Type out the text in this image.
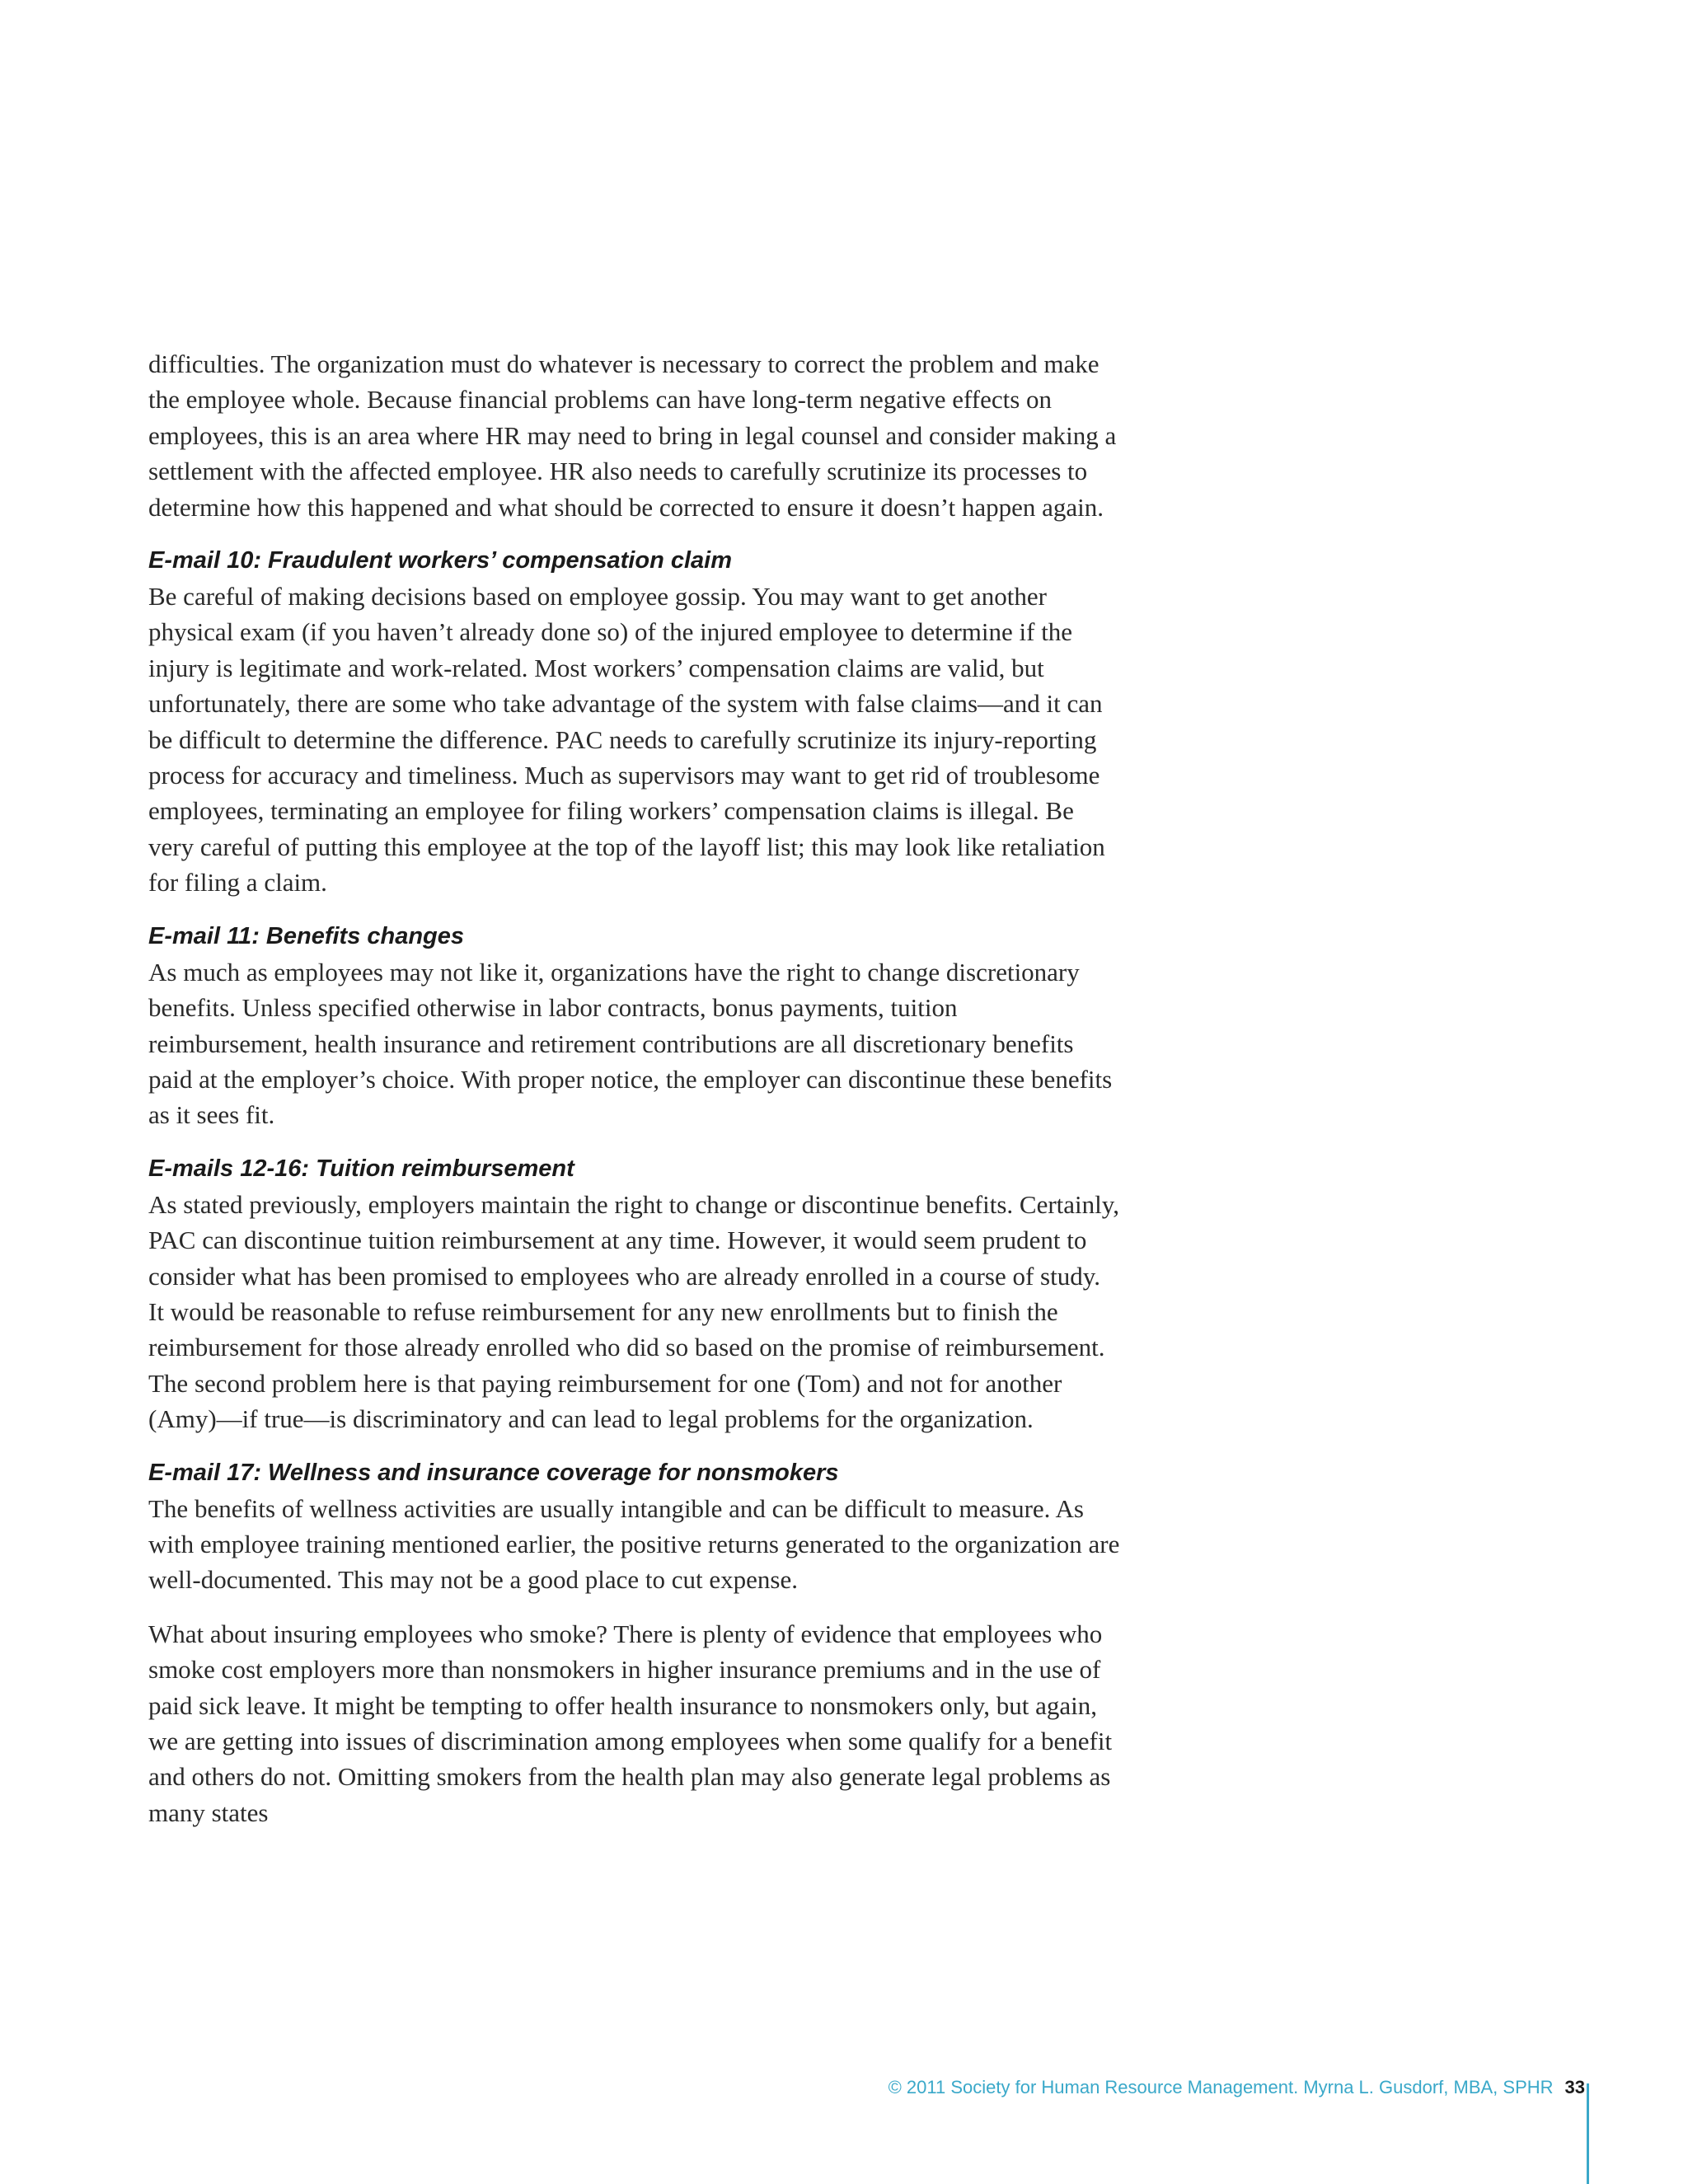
difficulties. The organization must do whatever is necessary to correct the problem and make the employee whole. Because financial problems can have long-term negative effects on employees, this is an area where HR may need to bring in legal counsel and consider making a settlement with the affected employee. HR also needs to carefully scrutinize its processes to determine how this happened and what should be corrected to ensure it doesn’t happen again.

E-mail 10: Fraudulent workers’ compensation claim

Be careful of making decisions based on employee gossip. You may want to get another physical exam (if you haven’t already done so) of the injured employee to determine if the injury is legitimate and work-related. Most workers’ compensation claims are valid, but unfortunately, there are some who take advantage of the system with false claims—and it can be difficult to determine the difference. PAC needs to carefully scrutinize its injury-reporting process for accuracy and timeliness. Much as supervisors may want to get rid of troublesome employees, terminating an employee for filing workers’ compensation claims is illegal. Be very careful of putting this employee at the top of the layoff list; this may look like retaliation for filing a claim.

E-mail 11: Benefits changes

As much as employees may not like it, organizations have the right to change discretionary benefits. Unless specified otherwise in labor contracts, bonus payments, tuition reimbursement, health insurance and retirement contributions are all discretionary benefits paid at the employer’s choice. With proper notice, the employer can discontinue these benefits as it sees fit.

E-mails 12-16: Tuition reimbursement

As stated previously, employers maintain the right to change or discontinue benefits. Certainly, PAC can discontinue tuition reimbursement at any time. However, it would seem prudent to consider what has been promised to employees who are already enrolled in a course of study. It would be reasonable to refuse reimbursement for any new enrollments but to finish the reimbursement for those already enrolled who did so based on the promise of reimbursement. The second problem here is that paying reimbursement for one (Tom) and not for another (Amy)—if true—is discriminatory and can lead to legal problems for the organization.

E-mail 17: Wellness and insurance coverage for nonsmokers

The benefits of wellness activities are usually intangible and can be difficult to measure. As with employee training mentioned earlier, the positive returns generated to the organization are well-documented. This may not be a good place to cut expense.

What about insuring employees who smoke? There is plenty of evidence that employees who smoke cost employers more than nonsmokers in higher insurance premiums and in the use of paid sick leave. It might be tempting to offer health insurance to nonsmokers only, but again, we are getting into issues of discrimination among employees when some qualify for a benefit and others do not. Omitting smokers from the health plan may also generate legal problems as many states

© 2011 Society for Human Resource Management. Myrna L. Gusdorf, MBA, SPHR 33
